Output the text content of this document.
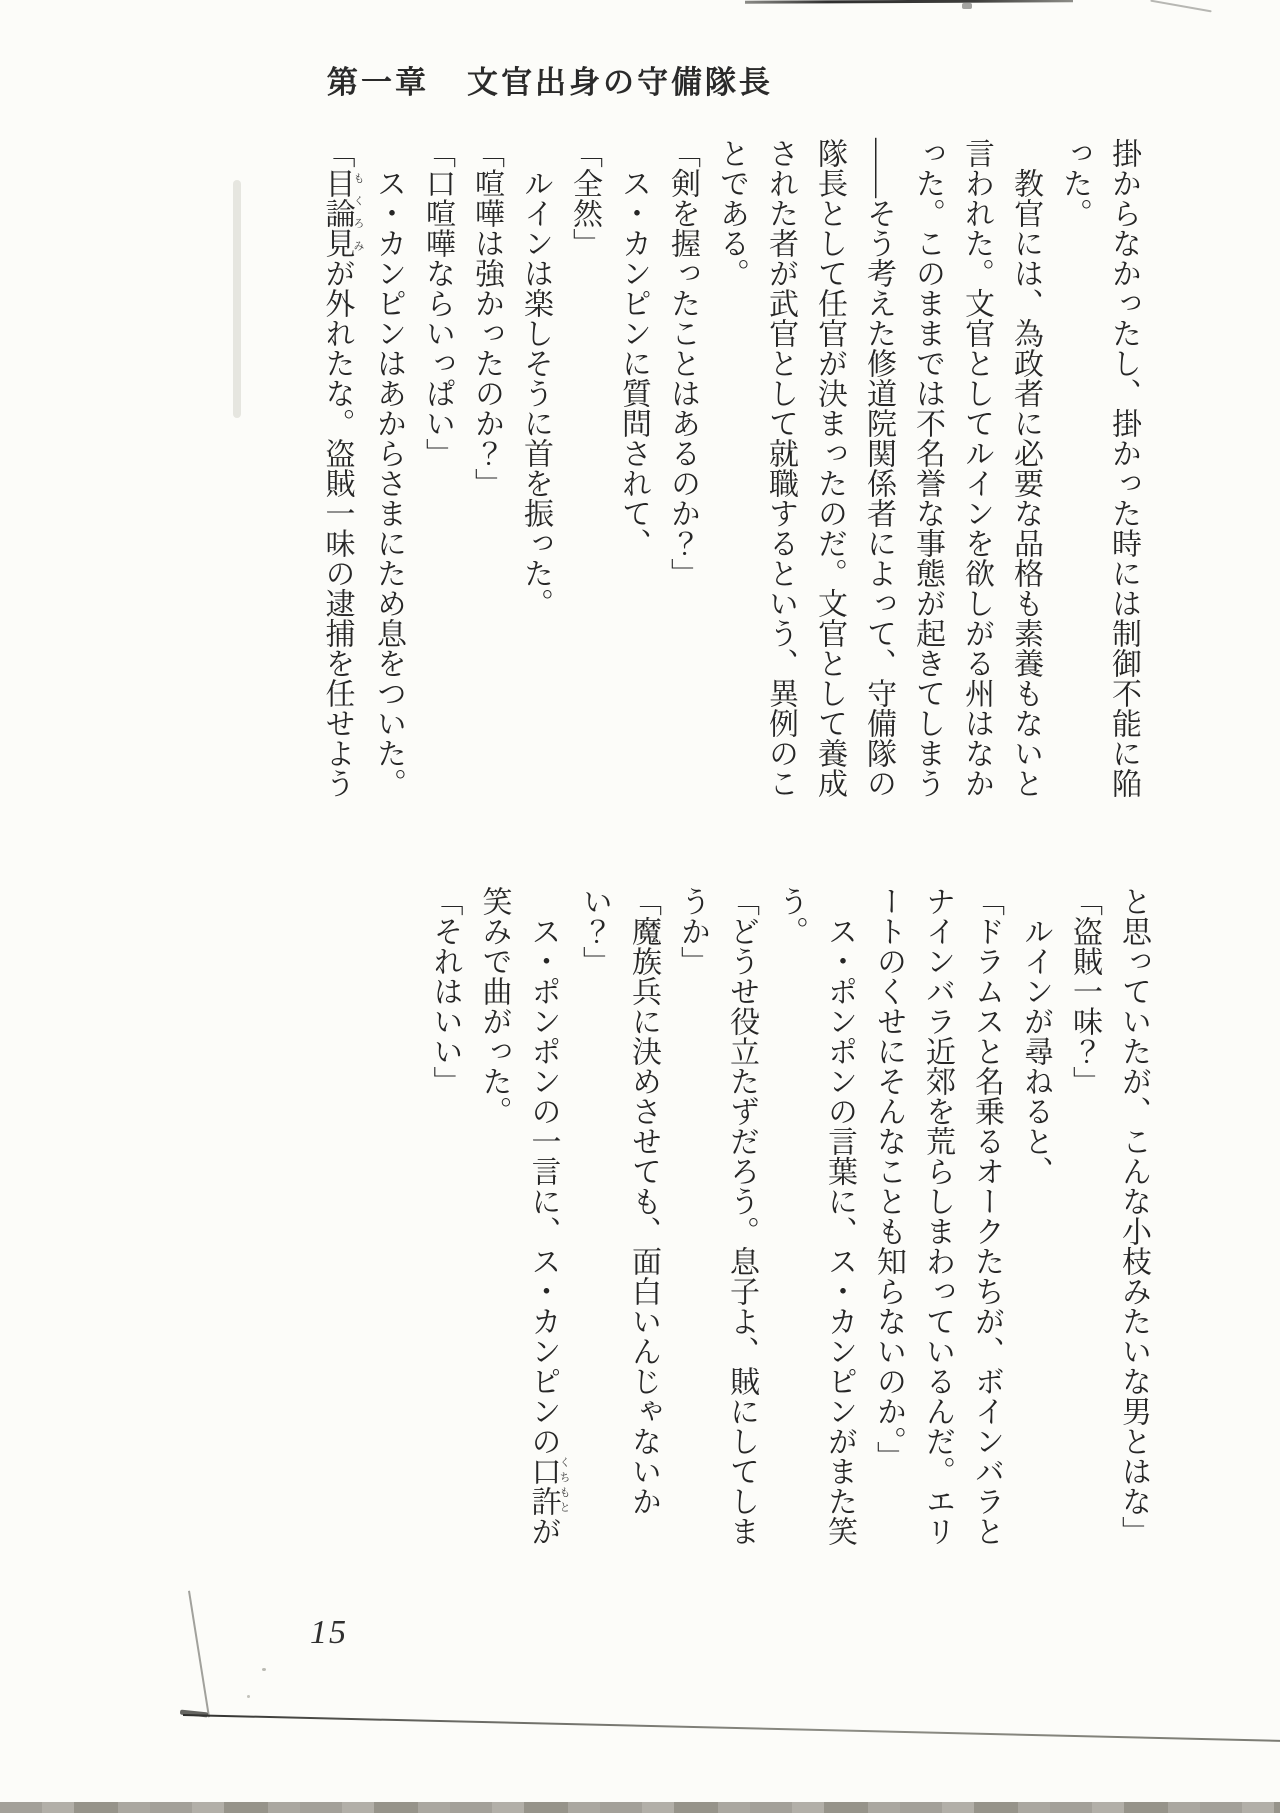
第一章 文官出身の守備隊長

掛からなかったし、掛かった時には制御不能に陥

った。

教官には、為政者に必要な品格も素養もないと

言われた。文官としてルインを欲しがる州はなか

った。このままでは不名誉な事態が起きてしまう

——そう考えた修道院関係者によって、守備隊の

隊長として任官が決まったのだ。文官として養成

された者が武官として就職するという、異例のこ

とである。

「剣を握ったことはあるのか？」

ス・カンピンに質問されて、

「全然」

ルインは楽しそうに首を振った。

「喧嘩は強かったのか？」

「口喧嘩ならいっぱい」

ス・カンピンはあからさまにため息をついた。

「目論見もくろみが外れたな。盗賊一味の逮捕を任せよう

と思っていたが、こんな小枝みたいな男とはな」

「盗賊一味？」

ルインが尋ねると、

「ドラムスと名乗るオークたちが、ボインバラと

ナインバラ近郊を荒らしまわっているんだ。エリ

ートのくせにそんなことも知らないのか。」

ス・ポンポンの言葉に、ス・カンピンがまた笑

う。

「どうせ役立たずだろう。息子よ、賊にしてしま

うか」

「魔族兵に決めさせても、面白いんじゃないか

い？」

ス・ポンポンの一言に、ス・カンピンの口許くちもとが

笑みで曲がった。

「それはいい」

15
